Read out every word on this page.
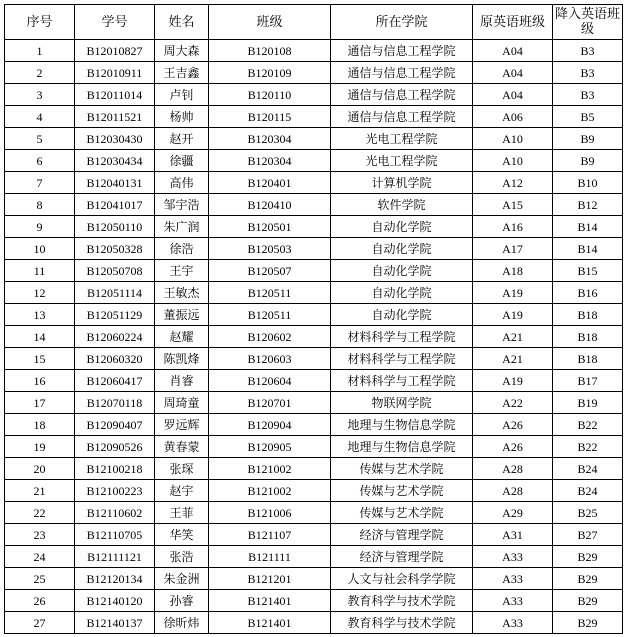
序号	学号	姓名	班级	所在学院	原英语班级	降入英语班级
1	B12010827	周大森	B120108	通信与信息工程学院	A04	B3
2	B12010911	王吉鑫	B120109	通信与信息工程学院	A04	B3
3	B12011014	卢钊	B120110	通信与信息工程学院	A04	B3
4	B12011521	杨帅	B120115	通信与信息工程学院	A06	B5
5	B12030430	赵开	B120304	光电工程学院	A10	B9
6	B12030434	徐疆	B120304	光电工程学院	A10	B9
7	B12040131	高伟	B120401	计算机学院	A12	B10
8	B12041017	邹宇浩	B120410	软件学院	A15	B12
9	B12050110	朱广润	B120501	自动化学院	A16	B14
10	B12050328	徐浩	B120503	自动化学院	A17	B14
11	B12050708	王宇	B120507	自动化学院	A18	B15
12	B12051114	王敏杰	B120511	自动化学院	A19	B16
13	B12051129	董振远	B120511	自动化学院	A19	B18
14	B12060224	赵耀	B120602	材料科学与工程学院	A21	B18
15	B12060320	陈凯烽	B120603	材料科学与工程学院	A21	B18
16	B12060417	肖睿	B120604	材料科学与工程学院	A19	B17
17	B12070118	周琦童	B120701	物联网学院	A22	B19
18	B12090407	罗远辉	B120904	地理与生物信息学院	A26	B22
19	B12090526	黄春蒙	B120905	地理与生物信息学院	A26	B22
20	B12100218	张琛	B121002	传媒与艺术学院	A28	B24
21	B12100223	赵宇	B121002	传媒与艺术学院	A28	B24
22	B12110602	王菲	B121006	传媒与艺术学院	A29	B25
23	B12110705	华笑	B121107	经济与管理学院	A31	B27
24	B12111121	张浩	B121111	经济与管理学院	A33	B29
25	B12120134	朱金洲	B121201	人文与社会科学学院	A33	B29
26	B12140120	孙睿	B121401	教育科学与技术学院	A33	B29
27	B12140137	徐昕炜	B121401	教育科学与技术学院	A33	B29
